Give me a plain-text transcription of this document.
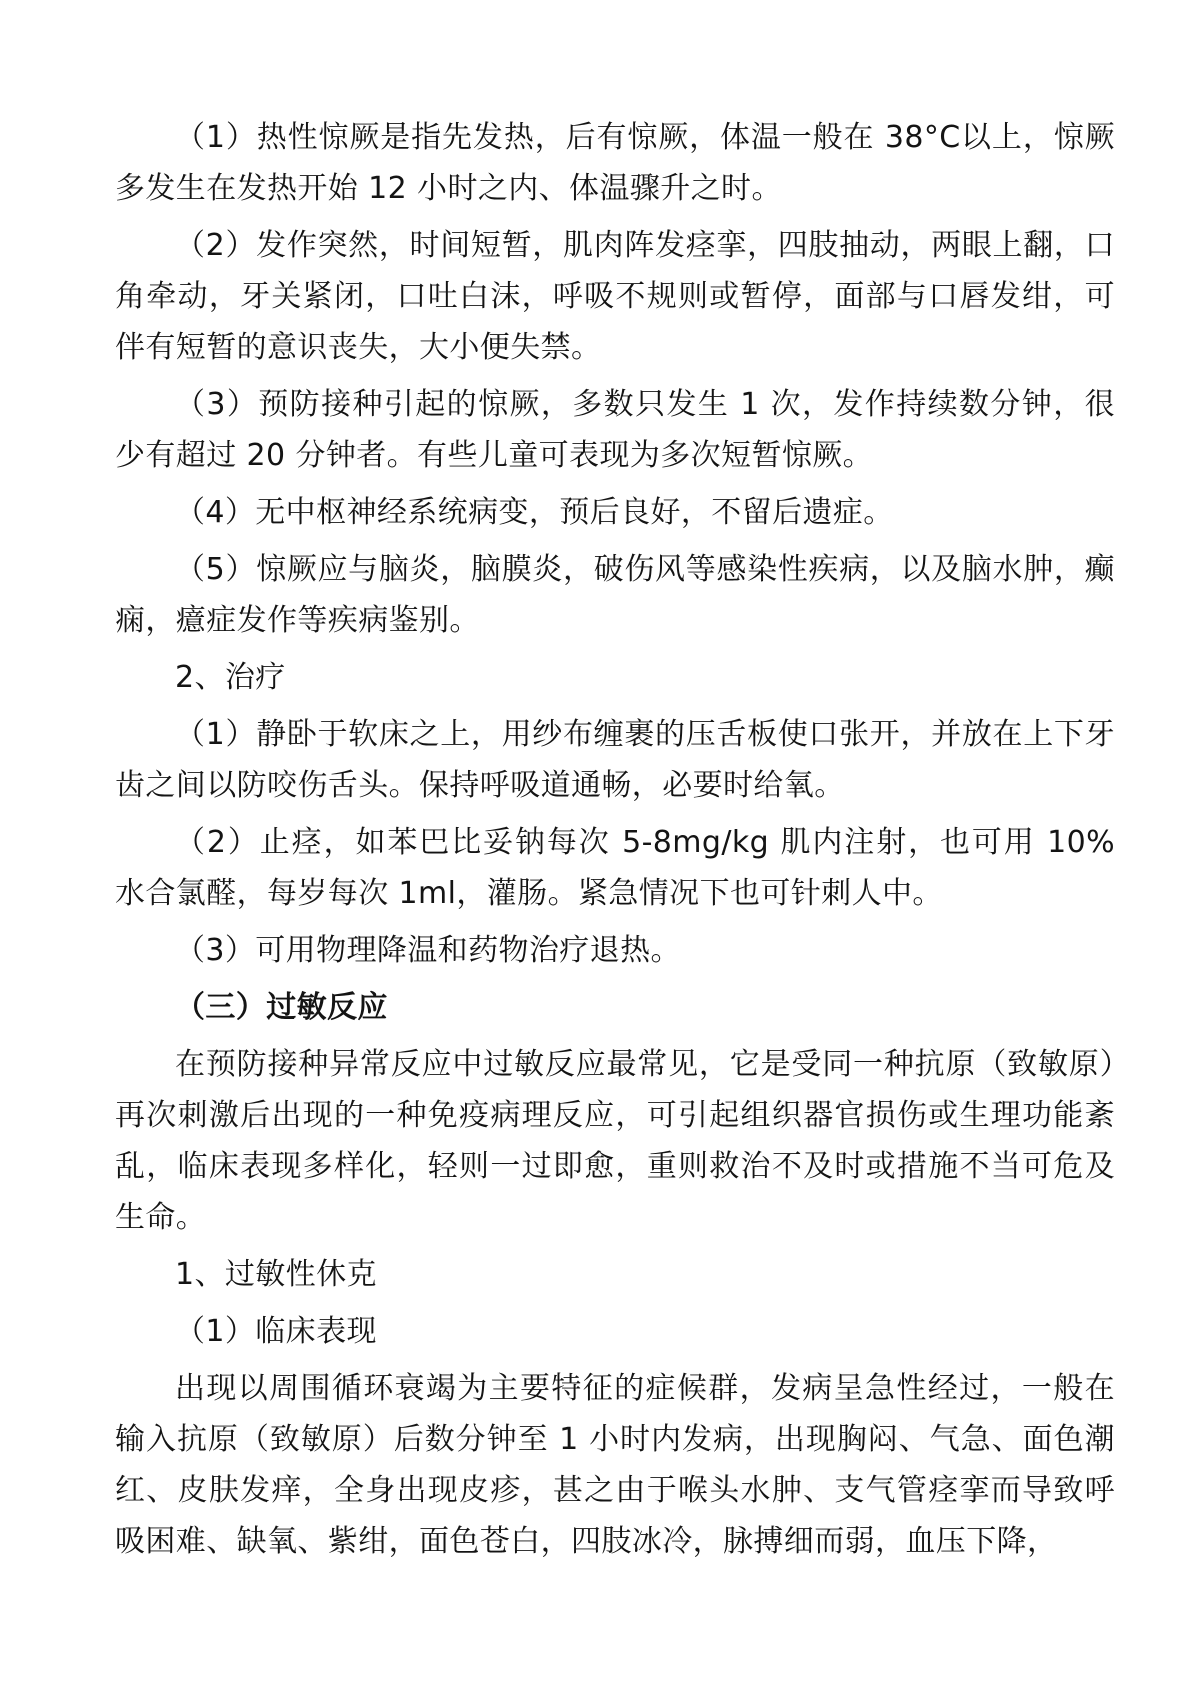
（1）热性惊厥是指先发热，后有惊厥，体温一般在 38°C以上，惊厥多发生在发热开始 12 小时之内、体温骤升之时。

（2）发作突然，时间短暂，肌肉阵发痉挛，四肢抽动，两眼上翻，口角牵动，牙关紧闭，口吐白沫，呼吸不规则或暂停，面部与口唇发绀，可伴有短暂的意识丧失，大小便失禁。

（3）预防接种引起的惊厥，多数只发生 1 次，发作持续数分钟，很少有超过 20 分钟者。有些儿童可表现为多次短暂惊厥。

（4）无中枢神经系统病变，预后良好，不留后遗症。

（5）惊厥应与脑炎，脑膜炎，破伤风等感染性疾病，以及脑水肿，癫痫，癔症发作等疾病鉴别。

2、治疗

（1）静卧于软床之上，用纱布缠裹的压舌板使口张开，并放在上下牙齿之间以防咬伤舌头。保持呼吸道通畅，必要时给氧。

（2）止痉，如苯巴比妥钠每次 5-8mg/kg 肌内注射，也可用 10% 水合氯醛，每岁每次 1ml，灌肠。紧急情况下也可针刺人中。

（3）可用物理降温和药物治疗退热。

（三）过敏反应

在预防接种异常反应中过敏反应最常见，它是受同一种抗原（致敏原）再次刺激后出现的一种免疫病理反应，可引起组织器官损伤或生理功能紊乱，临床表现多样化，轻则一过即愈，重则救治不及时或措施不当可危及生命。

1、过敏性休克

（1）临床表现

出现以周围循环衰竭为主要特征的症候群，发病呈急性经过，一般在输入抗原（致敏原）后数分钟至 1 小时内发病，出现胸闷、气急、面色潮红、皮肤发痒，全身出现皮疹，甚之由于喉头水肿、支气管痉挛而导致呼吸困难、缺氧、紫绀，面色苍白，四肢冰冷，脉搏细而弱，血压下降，
